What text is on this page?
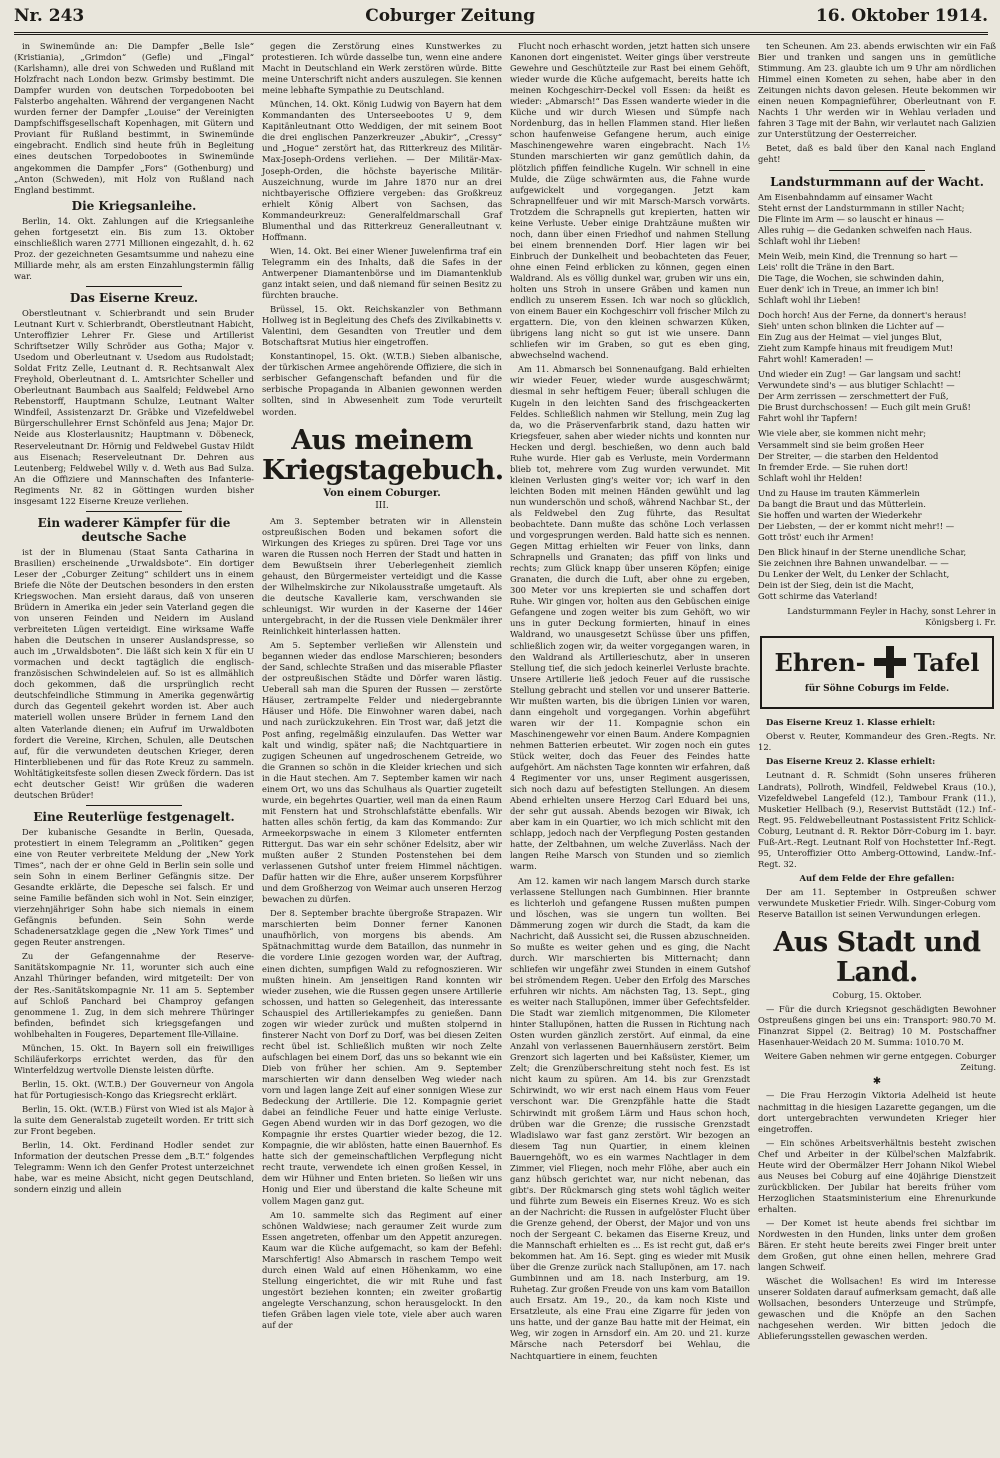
Nr. 243	Coburger Zeitung	16. Oktober 1914.

in Swinemünde an: Die Dampfer „Belle Isle“ (Kristiania), „Grimdon“ (Gefle) und „Fingal“ (Karlshamn), alle drei von Schweden und Rußland mit Holzfracht nach London bezw. Grimsby bestimmt. Die Dampfer wurden von deutschen Torpedobooten bei Falsterbo angehalten. Während der vergangenen Nacht wurden ferner der Dampfer „Louise“ der Vereinigten Dampfschiffsgesellschaft Kopenhagen, mit Gütern und Proviant für Rußland bestimmt, in Swinemünde eingebracht. Endlich sind heute früh in Begleitung eines deutschen Torpedobootes in Swinemünde angekommen die Dampfer „Fors“ (Gothenburg) und „Anton (Schweden), mit Holz von Rußland nach England bestimmt.

Die Kriegsanleihe.

Berlin, 14. Okt. Zahlungen auf die Kriegsanleihe gehen fortgesetzt ein. Bis zum 13. Oktober einschließlich waren 2771 Millionen eingezahlt, d. h. 62 Proz. der gezeichneten Gesamtsumme und nahezu eine Milliarde mehr, als am ersten Einzahlungstermin fällig war.

Das Eiserne Kreuz.

Oberstleutnant v. Schierbrandt und sein Bruder Leutnant Kurt v. Schierbrandt, Oberstleutnant Habicht, Unteroffizier Lehrer Fr. Giese und Artillerist Schriftsetzer Willy Schröder aus Gotha; Major v. Usedom und Oberleutnant v. Usedom aus Rudolstadt; Soldat Fritz Zelle, Leutnant d. R. Rechtsanwalt Alex Freyhold, Oberleutnant d. L. Amtsrichter Scheller und Oberleutnant Baumbach aus Saalfeld; Feldwebel Arno Rebenstorff, Hauptmann Schulze, Leutnant Walter Windfeil, Assistenzarzt Dr. Gräbke und Vizefeldwebel Bürgerschullehrer Ernst Schönfeld aus Jena; Major Dr. Neide aus Klosterlausnitz; Hauptmann v. Döbeneck, Reserveleutnant Dr. Hörnig und Feldwebel Gustav Hildt aus Eisenach; Reserveleutnant Dr. Dehren aus Leutenberg; Feldwebel Willy v. d. Weth aus Bad Sulza. An die Offiziere und Mannschaften des Infanterie-Regiments Nr. 82 in Göttingen wurden bisher insgesamt 122 Eiserne Kreuze verliehen.

Ein waderer Kämpfer für die deutsche Sache

ist der in Blumenau (Staat Santa Catharina in Brasilien) erscheinende „Urwaldsbote“. Ein dortiger Leser der „Coburger Zeitung“ schildert uns in einem Briefe die Nöte der Deutschen besonders in den ersten Kriegswochen. Man ersieht daraus, daß von unseren Brüdern in Amerika ein jeder sein Vaterland gegen die von unseren Feinden und Neidern im Ausland verbreiteten Lügen verteidigt. Eine wirksame Waffe haben die Deutschen in unserer Auslandspresse, so auch im „Urwaldsboten“. Die läßt sich kein X für ein U vormachen und deckt tagtäglich die englisch-französischen Schwindeleien auf. So ist es allmählich doch gekommen, daß die ursprünglich recht deutschfeindliche Stimmung in Amerika gegenwärtig durch das Gegenteil gekehrt worden ist. Aber auch materiell wollen unsere Brüder in fernem Land den alten Vaterlande dienen; ein Aufruf im Urwaldboten fordert die Vereine, Kirchen, Schulen, alle Deutschen auf, für die verwundeten deutschen Krieger, deren Hinterbliebenen und für das Rote Kreuz zu sammeln. Wohltätigkeitsfeste sollen diesen Zweck fördern. Das ist echt deutscher Geist! Wir grüßen die waderen deutschen Brüder!

Eine Reuterlüge festgenagelt.

Der kubanische Gesandte in Berlin, Quesada, protestiert in einem Telegramm an „Politiken“ gegen eine von Reuter verbreitete Meldung der „New York Times“, nach der er ohne Geld in Berlin sein solle und sein Sohn in einem Berliner Gefängnis sitze. Der Gesandte erklärte, die Depesche sei falsch. Er und seine Familie befänden sich wohl in Not. Sein einziger, vierzehnjähriger Sohn habe sich niemals in einem Gefängnis befunden. Sein Sohn werde Schadenersatzklage gegen die „New York Times“ und gegen Reuter anstrengen.

Zu der Gefangennahme der Reserve-Sanitätskompagnie Nr. 11, worunter sich auch eine Anzahl Thüringer befanden, wird mitgeteilt: Der von der Res.-Sanitätskompagnie Nr. 11 am 5. September auf Schloß Panchard bei Champroy gefangen genommene 1. Zug, in dem sich mehrere Thüringer befinden, befindet sich kriegsgefangen und wohlbehalten in Fougeres, Departement Ille-Villaine.

München, 15. Okt. In Bayern soll ein freiwilliges Schiläuferkorps errichtet werden, das für den Winterfeldzug wertvolle Dienste leisten dürfte.

Berlin, 15. Okt. (W.T.B.) Der Gouverneur von Angola hat für Portugiesisch-Kongo das Kriegsrecht erklärt.

Berlin, 15. Okt. (W.T.B.) Fürst von Wied ist als Major à la suite dem Generalstab zugeteilt worden. Er tritt sich zur Front begeben.

Berlin, 14. Okt. Ferdinand Hodler sendet zur Information der deutschen Presse dem „B.T.“ folgendes Telegramm: Wenn ich den Genfer Protest unterzeichnet habe, war es meine Absicht, nicht gegen Deutschland, sondern einzig und allein

gegen die Zerstörung eines Kunstwerkes zu protestieren. Ich würde dasselbe tun, wenn eine andere Macht in Deutschland ein Werk zerstören würde. Bitte meine Unterschrift nicht anders auszulegen. Sie kennen meine lebhafte Sympathie zu Deutschland.

München, 14. Okt. König Ludwig von Bayern hat dem Kommandanten des Unterseebootes U 9, dem Kapitänleutnant Otto Weddigen, der mit seinem Boot die drei englischen Panzerkreuzer „Abukir“, „Cressy“ und „Hogue“ zerstört hat, das Ritterkreuz des Militär-Max-Joseph-Ordens verliehen. — Der Militär-Max-Joseph-Orden, die höchste bayerische Militär-Auszeichnung, wurde im Jahre 1870 nur an drei nichtbayerische Offiziere vergeben: das Großkreuz erhielt König Albert von Sachsen, das Kommandeurkreuz: Generalfeldmarschall Graf Blumenthal und das Ritterkreuz Generalleutnant v. Hoffmann.

Wien, 14. Okt. Bei einer Wiener Juwelenfirma traf ein Telegramm ein des Inhalts, daß die Safes in der Antwerpener Diamantenbörse und im Diamantenklub ganz intakt seien, und daß niemand für seinen Besitz zu fürchten brauche.

Brüssel, 15. Okt. Reichskanzler von Bethmann Hollweg ist in Begleitung des Chefs des Zivilkabinetts v. Valentini, dem Gesandten von Treutler und dem Botschaftsrat Mutius hier eingetroffen.

Konstantinopel, 15. Okt. (W.T.B.) Sieben albanische, der türkischen Armee angehörende Offiziere, die sich in serbischer Gefangenschaft befanden und für die serbische Propaganda in Albanien gewonnen werden sollten, sind in Abwesenheit zum Tode verurteilt worden.

Aus meinem Kriegstagebuch.
Von einem Coburger.
III.

Am 3. September betraten wir in Allenstein ostpreußischen Boden und bekamen sofort die Wirkungen des Krieges zu spüren. Drei Tage vor uns waren die Russen noch Herren der Stadt und hatten in dem Bewußtsein ihrer Ueberlegenheit ziemlich gehaust, den Bürgermeister verteidigt und die Kasse der Wilhelmskirche zur Nikolausstraße umgetauft. Als die deutsche Kavallerie kam, verschwanden sie schleunigst. Wir wurden in der Kaserne der 146er untergebracht, in der die Russen viele Denkmäler ihrer Reinlichkeit hinterlassen hatten.

Am 5. September verließen wir Allenstein und begannen wieder das endlose Marschieren; besonders der Sand, schlechte Straßen und das miserable Pflaster der ostpreußischen Städte und Dörfer waren lästig. Ueberall sah man die Spuren der Russen — zerstörte Häuser, zertrampelte Felder und niedergebrannte Häuser und Höfe. Die Einwohner waren dabei, nach und nach zurückzukehren. Ein Trost war, daß jetzt die Post anfing, regelmäßig einzulaufen. Das Wetter war kalt und windig, später naß; die Nachtquartiere in zugigen Scheunen auf ungedroschenem Getreide, wo die Grannen so schön in die Kleider kriechen und sich in die Haut stechen. Am 7. September kamen wir nach einem Ort, wo uns das Schulhaus als Quartier zugeteilt wurde, ein begehrtes Quartier, weil man da einen Raum mit Fenstern hat und Strohschlafstätte ebenfalls. Wir hatten alles schön fertig, da kam das Kommando: Zur Armeekorpswache in einem 3 Kilometer entfernten Rittergut. Das war ein sehr schöner Edelsitz, aber wir mußten außer 2 Stunden Postenstehen bei dem verlassenen Gutshof unter freiem Himmel nächtigen. Dafür hatten wir die Ehre, außer unserem Korpsführer und dem Großherzog von Weimar auch unseren Herzog bewachen zu dürfen.

Der 8. September brachte übergroße Strapazen. Wir marschierten beim Donner ferner Kanonen unaufhörlich, von morgens bis abends. Am Spätnachmittag wurde dem Bataillon, das nunmehr in die vordere Linie gezogen worden war, der Auftrag, einen dichten, sumpfigen Wald zu refognoszieren. Wir mußten hinein. Am jenseitigen Rand konnten wir wieder zusehen, wie die Russen gegen unsere Artillerie schossen, und hatten so Gelegenheit, das interessante Schauspiel des Artilleriekampfes zu genießen. Dann zogen wir wieder zurück und mußten stolpernd in finsterer Nacht von Dorf zu Dorf, was bei diesen Zeiten recht übel ist. Schließlich mußten wir noch Zelte aufschlagen bei einem Dorf, das uns so bekannt wie ein Dieb von früher her schien. Am 9. September marschierten wir dann denselben Weg wieder nach vorn und lagen lange Zeit auf einer sonnigen Wiese zur Bedeckung der Artillerie. Die 12. Kompagnie geriet dabei an feindliche Feuer und hatte einige Verluste. Gegen Abend wurden wir in das Dorf gezogen, wo die Kompagnie ihr erstes Quartier wieder bezog, die 12. Kompagnie, die wir ablösten, hatte einen Bauernhof. Es hatte sich der gemeinschaftlichen Verpflegung nicht recht traute, verwendete ich einen großen Kessel, in dem wir Hühner und Enten brieten. So ließen wir uns Honig und Eier und überstand die kalte Scheune mit vollem Magen ganz gut.

Am 10. sammelte sich das Regiment auf einer schönen Waldwiese; nach geraumer Zeit wurde zum Essen angetreten, offenbar um den Appetit anzuregen. Kaum war die Küche aufgemacht, so kam der Befehl: Marschfertig! Also Abmarsch in raschem Tempo weit durch einen Wald auf einen Höhenkamm, wo eine Stellung eingerichtet, die wir mit Ruhe und fast ungestört beziehen konnten; ein zweiter großartig angelegte Verschanzung, schon herausgelockt. In den tiefen Gräben lagen viele tote, viele aber auch waren auf der

Flucht noch erhascht worden, jetzt hatten sich unsere Kanonen dort eingenistet. Weiter gings über verstreute Gewehre und Geschützteile zur Rast bei einem Gehöft, wieder wurde die Küche aufgemacht, bereits hatte ich meinen Kochgeschirr-Deckel voll Essen: da heißt es wieder: „Abmarsch!“ Das Essen wanderte wieder in die Küche und wir durch Wiesen und Sümpfe nach Nordenburg, das in hellen Flammen stand. Hier ließen schon haufenweise Gefangene herum, auch einige Maschinengewehre waren eingebracht. Nach 1½ Stunden marschierten wir ganz gemütlich dahin, da plötzlich pfiffen feindliche Kugeln. Wir schnell in eine Mulde, die Züge schwärmten aus, die Fahne wurde aufgewickelt und vorgegangen. Jetzt kam Schrapnellfeuer und wir mit Marsch-Marsch vorwärts. Trotzdem die Schrapnells gut krepierten, hatten wir keine Verluste. Ueber einige Drahtzäune mußten wir noch, dann über einen Friedhof und nahmen Stellung bei einem brennenden Dorf. Hier lagen wir bei Einbruch der Dunkelheit und beobachteten das Feuer, ohne einen Feind erblicken zu können, gegen einen Waldrand. Als es völlig dunkel war, gruben wir uns ein, holten uns Stroh in unsere Gräben und kamen nun endlich zu unserem Essen. Ich war noch so glücklich, von einem Bauer ein Kochgeschirr voll frischer Milch zu ergattern. Die, von den kleinen schwarzen Küken, übrigens lang nicht so gut ist wie unsere. Dann schliefen wir im Graben, so gut es eben ging, abwechselnd wachend.

Am 11. Abmarsch bei Sonnenaufgang. Bald erhielten wir wieder Feuer, wieder wurde ausgeschwärmt; diesmal in sehr heftigem Feuer; überall schlugen die Kugeln in den leichten Sand des frischgeackerten Feldes. Schließlich nahmen wir Stellung, mein Zug lag da, wo die Präservenfarbrik stand, dazu hatten wir Kriegsfeuer, sahen aber wieder nichts und konnten nur Hecken und dergl. beschießen, wo denn auch bald Ruhe wurde. Hier gab es Verluste, mein Vordermann blieb tot, mehrere vom Zug wurden verwundet. Mit kleinen Verlusten ging's weiter vor; ich warf in den leichten Boden mit meinen Händen gewühlt und lag nun wunderschön und schoß, während Nachbar St., der als Feldwebel den Zug führte, das Resultat beobachtete. Dann mußte das schöne Loch verlassen und vorgesprungen werden. Bald hatte sich es nennen. Gegen Mittag erhielten wir Feuer von links, dann Schrapnells und Granaten; das pfiff von links und rechts; zum Glück knapp über unseren Köpfen; einige Granaten, die durch die Luft, aber ohne zu ergeben, 300 Meter vor uns krepierten sie und schaffen dort Ruhe. Wir gingen vor, holten aus den Gebüschen einige Gefangene und zogen weiter bis zum Gehöft, wo wir uns in guter Deckung formierten, hinauf in eines Waldrand, wo unausgesetzt Schüsse über uns pfiffen, schließlich zogen wir, da weiter vorgegangen waren, in den Waldrand als Artillerieschutz, aber in unseren Stellung tief, die sich jedoch keinerlei Verluste brachte. Unsere Artillerie ließ jedoch Feuer auf die russische Stellung gebracht und stellen vor und unserer Batterie. Wir mußten warten, bis die übrigen Linien vor waren, dann eingeholt und vorgegangen. Vorhin abgeführt waren wir der 11. Kompagnie schon ein Maschinengewehr vor einen Baum. Andere Kompagnien nehmen Batterien erbeutet. Wir zogen noch ein gutes Stück weiter, doch das Feuer des Feindes hatte aufgehört. Am nächsten Tage konnten wir erfahren, daß 4 Regimenter vor uns, unser Regiment ausgerissen, sich noch dazu auf befestigten Stellungen. An diesem Abend erhielten unsere Herzog Carl Eduard bei uns, der sehr gut aussah. Abends bezogen wir Biwak, ich aber kam in ein Quartier, wo ich mich schlicht mit den schlapp, jedoch nach der Verpflegung Posten gestanden hatte, der Zeltbahnen, um welche Zuverläss. Nach der langen Reihe Marsch von Stunden und so ziemlich warm.

Am 12. kamen wir nach langem Marsch durch starke verlassene Stellungen nach Gumbinnen. Hier brannte es lichterloh und gefangene Russen mußten pumpen und löschen, was sie ungern tun wollten. Bei Dämmerung zogen wir durch die Stadt, da kam die Nachricht, daß Aussicht sei, die Russen abzuschneiden. So mußte es weiter gehen und es ging, die Nacht durch. Wir marschierten bis Mitternacht; dann schliefen wir ungefähr zwei Stunden in einem Gutshof bei strömendem Regen. Ueber den Erfolg des Marsches erfuhren wir nichts. Am nächsten Tag, 13. Sept., ging es weiter nach Stallupönen, immer über Gefechtsfelder. Die Stadt war ziemlich mitgenommen, Die Kilometer hinter Stallupönen, hatten die Russen in Richtung nach Osten wurden gänzlich zerstört. Auf einmal, da eine Anzahl von verlassenen Bauernhäusern zerstört. Beim Grenzort sich lagerten und bei Kaßsüster, Kiemer, um Zelt; die Grenzüberschreitung steht noch fest. Es ist nicht kaum zu spüren. Am 14. bis zur Grenzstadt Schirwindt, wo wir erst nach einem Haus vom Feuer verschont war. Die Grenzpfähle hatte die Stadt Schirwindt mit großem Lärm und Haus schon hoch, drüben war die Grenze; die russische Grenzstadt Wladislawo war fast ganz zerstört. Wir bezogen an diesem Tag nun Quartier, in einem kleinen Bauerngehöft, wo es ein warmes Nachtlager in dem Zimmer, viel Fliegen, noch mehr Flöhe, aber auch ein ganz hübsch gerichtet war, nur nicht nebenan, das gibt's. Der Rückmarsch ging stets wohl täglich weiter und führte zum Beweis ein Eisernes Kreuz. Wo es sich an der Nachricht: die Russen in aufgelöster Flucht über die Grenze gehend, der Oberst, der Major und von uns noch der Sergeant C. bekamen das Eiserne Kreuz, und die Mannschaft erhielten es ... Es ist recht gut, daß er's bekommen hat. Am 16. Sept. ging es wieder mit Musik über die Grenze zurück nach Stallupönen, am 17. nach Gumbinnen und am 18. nach Insterburg, am 19. Ruhetag. Zur großen Freude von uns kam vom Bataillon auch Ersatz. Am 19., 20., da kam noch Kiste und Ersatzleute, als eine Frau eine Zigarre für jeden von uns hatte, und der ganze Bau hatte mit der Heimat, ein Weg, wir zogen in Arnsdorf ein. Am 20. und 21. kurze Märsche nach Petersdorf bei Wehlau, die Nachtquartiere in einem, feuchten

ten Scheunen. Am 23. abends erwischten wir ein Faß Bier und tranken und sangen uns in gemütliche Stimmung. Am 23. glaubte ich um 9 Uhr am nördlichen Himmel einen Kometen zu sehen, habe aber in den Zeitungen nichts davon gelesen. Heute bekommen wir einen neuen Kompagnieführer, Oberleutnant von F. Nachts 1 Uhr werden wir in Wehlau verladen und fahren 3 Tage mit der Bahn, wir verlautet nach Galizien zur Unterstützung der Oesterreicher.

Betet, daß es bald über den Kanal nach England geht!

Landsturmmann auf der Wacht.
Am Eisenbahndamm auf einsamer Wacht
Steht ernst der Landsturmmann in stiller Nacht;
Die Flinte im Arm — so lauscht er hinaus —
Alles ruhig — die Gedanken schweifen nach Haus.
Schlaft wohl ihr Lieben!
Mein Weib, mein Kind, die Trennung so hart —
Leis' rollt die Träne in den Bart.
Die Tage, die Wochen, sie schwinden dahin,
Euer denk' ich in Treue, an immer ich bin!
Schlaft wohl ihr Lieben!
Doch horch! Aus der Ferne, da donnert's heraus!
Sieh' unten schon blinken die Lichter auf —
Ein Zug aus der Heimat — viel junges Blut,
Zieht zum Kampfe hinaus mit freudigem Mut!
Fahrt wohl! Kameraden! —
Und wieder ein Zug! — Gar langsam und sacht!
Verwundete sind's — aus blutiger Schlacht! —
Der Arm zerrissen — zerschmettert der Fuß,
Die Brust durchschossen! — Euch gilt mein Gruß!
Fahrt wohl ihr Tapfern!
Wie viele aber, sie kommen nicht mehr;
Versammelt sind sie beim großen Heer
Der Streiter, — die starben den Heldentod
In fremder Erde. — Sie ruhen dort!
Schlaft wohl ihr Helden!
Und zu Hause im trauten Kämmerlein
Da bangt die Braut und das Mütterlein.
Sie hoffen und warten der Wiederkehr
Der Liebsten, — der er kommt nicht mehr!! —
Gott tröst' euch ihr Armen!
Den Blick hinauf in der Sterne unendliche Schar,
Sie zeichnen ihre Bahnen unwandelbar. — —
Du Lenker der Welt, du Lenker der Schlacht,
Dein ist der Sieg, dein ist die Macht,
Gott schirme das Vaterland!

Landsturmmann Feyler in Hachy, sonst Lehrer in Königsberg i. Fr.

Ehren- Tafel
für Söhne Coburgs im Felde.

Das Eiserne Kreuz 1. Klasse erhielt:

Oberst v. Reuter, Kommandeur des Gren.-Regts. Nr. 12.

Das Eiserne Kreuz 2. Klasse erhielt:

Leutnant d. R. Schmidt (Sohn unseres früheren Landrats), Pollroth, Windfeil, Feldwebel Kraus (10.), Vizefeldwebel Langefeld (12.), Tambour Frank (11.), Musketier Hellbach (9.), Reservist Buttstädt (12.) Inf.-Regt. 95. Feldwebelleutnant Postassistent Fritz Schlick-Coburg, Leutnant d. R. Rektor Dörr-Coburg im 1. bayr. Fuß-Art.-Regt. Leutnant Rolf von Hochstetter Inf.-Regt. 95, Unteroffizier Otto Amberg-Ottowind, Landw.-Inf.-Regt. 32.

Auf dem Felde der Ehre gefallen:

Der am 11. September in Ostpreußen schwer verwundete Musketier Friedr. Wilh. Singer-Coburg vom Reserve Bataillon ist seinen Verwundungen erlegen.

Aus Stadt und Land.

Coburg, 15. Oktober.

— Für die durch Kriegsnot geschädigten Bewohner Ostpreußens gingen bei uns ein: Transport: 980.70 M. Finanzrat Sippel (2. Beitrag) 10 M. Postschaffner Hasenhauer-Weidach 20 M. Summa: 1010.70 M.

Weitere Gaben nehmen wir gerne entgegen. Coburger Zeitung.

✱

— Die Frau Herzogin Viktoria Adelheid ist heute nachmittag in die hiesigen Lazarette gegangen, um die dort untergebrachten verwundeten Krieger hier eingetroffen.

— Ein schönes Arbeitsverhältnis besteht zwischen Chef und Arbeiter in der Külbel'schen Malzfabrik. Heute wird der Obermälzer Herr Johann Nikol Wiebel aus Neuses bei Coburg auf eine 40jährige Dienstzeit zurückblicken. Der Jubilar hat bereits früher vom Herzoglichen Staatsministerium eine Ehrenurkunde erhalten.

— Der Komet ist heute abends frei sichtbar im Nordwesten in den Hunden, links unter dem großen Bären. Er steht heute bereits zwei Finger breit unter dem Großen, gut ohne einen hellen, mehrere Grad langen Schweif.

Wäschet die Wollsachen! Es wird im Interesse unserer Soldaten darauf aufmerksam gemacht, daß alle Wollsachen, besonders Unterzeuge und Strümpfe, gewaschen und die Knöpfe an den Sachen nachgesehen werden. Wir bitten jedoch die Ablieferungsstellen gewaschen werden.
